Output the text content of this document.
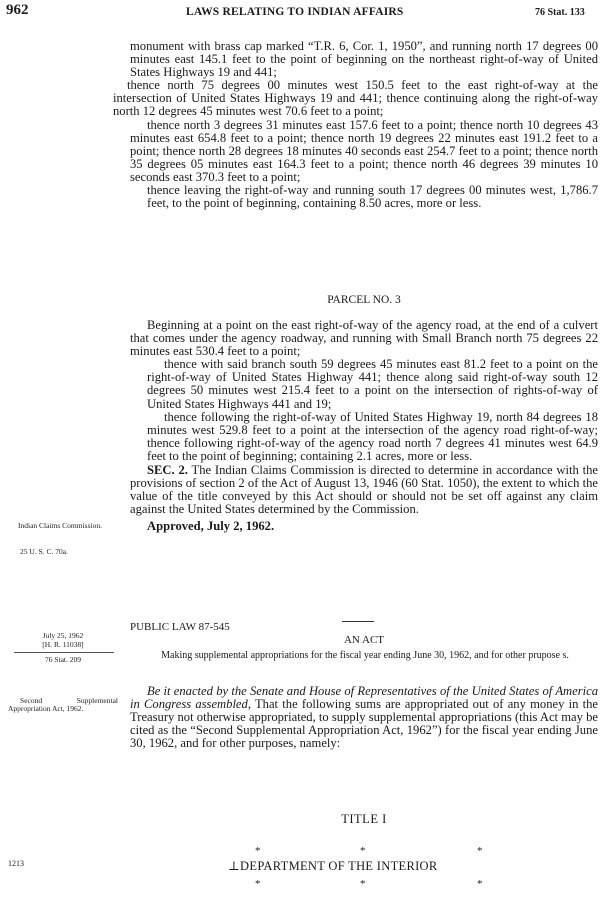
962	LAWS RELATING TO INDIAN AFFAIRS	76 Stat. 133

monument with brass cap marked “T.R. 6, Cor. 1, 1950”, and running north 17 degrees 00 minutes east 145.1 feet to the point of beginning on the northeast right-of-way of United States Highways 19 and 441;

thence north 75 degrees 00 minutes west 150.5 feet to the east right-of-way at the intersection of United States Highways 19 and 441; thence continuing along the right-of-way north 12 degrees 45 minutes west 70.6 feet to a point;

thence north 3 degrees 31 minutes east 157.6 feet to a point; thence north 10 degrees 43 minutes east 654.8 feet to a point; thence north 19 degrees 22 minutes east 191.2 feet to a point; thence north 28 degrees 18 minutes 40 seconds east 254.7 feet to a point; thence north 35 degrees 05 minutes east 164.3 feet to a point; thence north 46 degrees 39 minutes 10 seconds east 370.3 feet to a point;

thence leaving the right-of-way and running south 17 degrees 00 minutes west, 1,786.7 feet, to the point of beginning, containing 8.50 acres, more or less.

PARCEL NO. 3

Beginning at a point on the east right-of-way of the agency road, at the end of a culvert that comes under the agency roadway, and running with Small Branch north 75 degrees 22 minutes east 530.4 feet to a point;

thence with said branch south 59 degrees 45 minutes east 81.2 feet to a point on the right-of-way of United States Highway 441; thence along said right-of-way south 12 degrees 50 minutes west 215.4 feet to a point on the intersection of rights-of-way of United States Highways 441 and 19;

thence following the right-of-way of United States Highway 19, north 84 degrees 18 minutes west 529.8 feet to a point at the intersection of the agency road right-of-way; thence following right-of-way of the agency road north 7 degrees 41 minutes west 64.9 feet to the point of beginning; containing 2.1 acres, more or less.

SEC. 2. The Indian Claims Commission is directed to determine in accordance with the provisions of section 2 of the Act of August 13, 1946 (60 Stat. 1050), the extent to which the value of the title conveyed by this Act should or should not be set off against any claim against the United States determined by the Commission.

Approved, July 2, 1962.

PUBLIC LAW 87-545
AN ACT
Making supplemental appropriations for the fiscal year ending June 30, 1962, and for other prupose s.

Be it enacted by the Senate and House of Representatives of the United States of America in Congress assembled, That the following sums are appropriated out of any money in the Treasury not otherwise appropriated, to supply supplemental appropriations (this Act may be cited as the “Second Supplemental Appropriation Act, 1962”) for the fiscal year ending June 30, 1962, and for other purposes, namely:

TITLE I
*	*	*
⊥DEPARTMENT OF THE INTERIOR
*	*	*
Indian Claims Commission.
25 U. S. C. 70a.
July 25, 1962
[H. R. 11038]
76 Stat. 209
Second Supplemental Appropriation Act, 1962.
1213
